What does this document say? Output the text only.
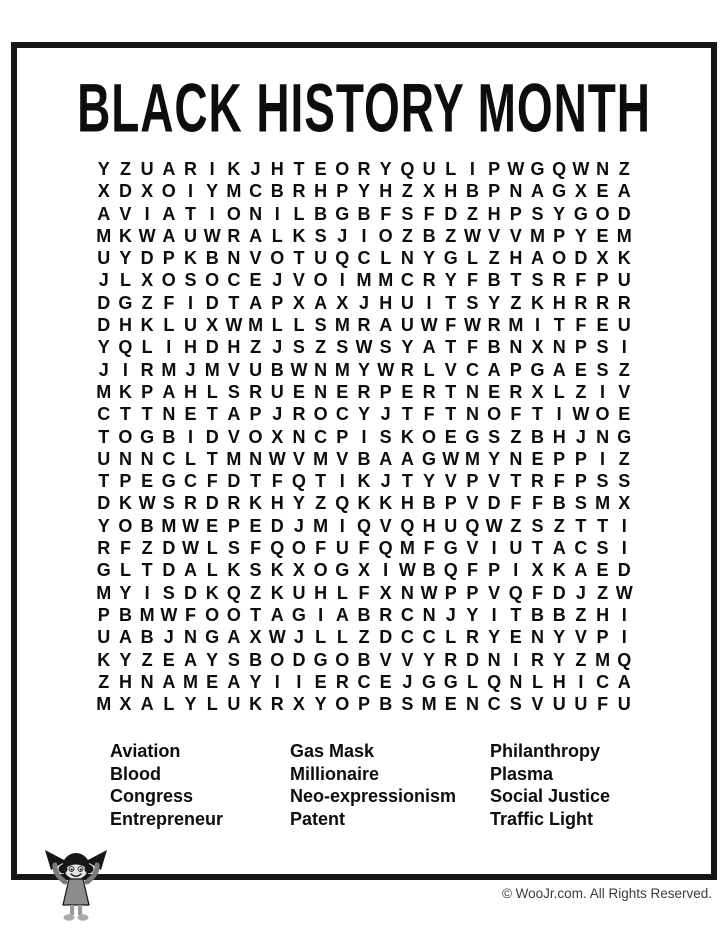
BLACK HISTORY MONTH
Y Z U A R I K J H T E O R Y Q U L I P W G Q W N Z
X D X O I Y M C B R H P Y H Z X H B P N A G X E A
A V I A T I O N I L B G B F S F D Z H P S Y G O D
M K W A U W R A L K S J I O Z B Z W V V M P Y E M
U Y D P K B N V O T U Q C L N Y G L Z H A O D X K
J L X O S O C E J V O I M M C R Y F B T S R F P U
D G Z F I D T A P X A X J H U I T S Y Z K H R R R
D H K L U X W M L L S M R A U W F W R M I T F E U
Y Q L I H D H Z J S Z S W S Y A T F B N X N P S I
J I R M J M V U B W N M Y W R L V C A P G A E S Z
M K P A H L S R U E N E R P E R T N E R X L Z I V
C T T N E T A P J R O C Y J T F T N O F T I W O E
T O G B I D V O X N C P I S K O E G S Z B H J N G
U N N C L T M N W V M V B A A G W M Y N E P P I Z
T P E G C F D T F Q T I K J T Y V P V T R F P S S
D K W S R D R K H Y Z Q K K H B P V D F F B S M X
Y O B M W E P E D J M I Q V Q H U Q W Z S Z T T I
R F Z D W L S F Q O F U F Q M F G V I U T A C S I
G L T D A L K S K X O G X I W B Q F P I X K A E D
M Y I S D K Q Z K U H L F X N W P P V Q F D J Z W
P B M W F O O T A G I A B R C N J Y I T B B Z H I
U A B J N G A X W J L L Z D C C L R Y E N Y V P I
K Y Z E A Y S B O D G O B V V Y R D N I R Y Z M Q
Z H N A M E A Y I I E R C E J G G L Q N L H I C A
M X A L Y L U K R X Y O P B S M E N C S V U U F U
Aviation
Blood
Congress
Entrepreneur
Gas Mask
Millionaire
Neo-expressionism
Patent
Philanthropy
Plasma
Social Justice
Traffic Light
© WooJr.com. All Rights Reserved.
